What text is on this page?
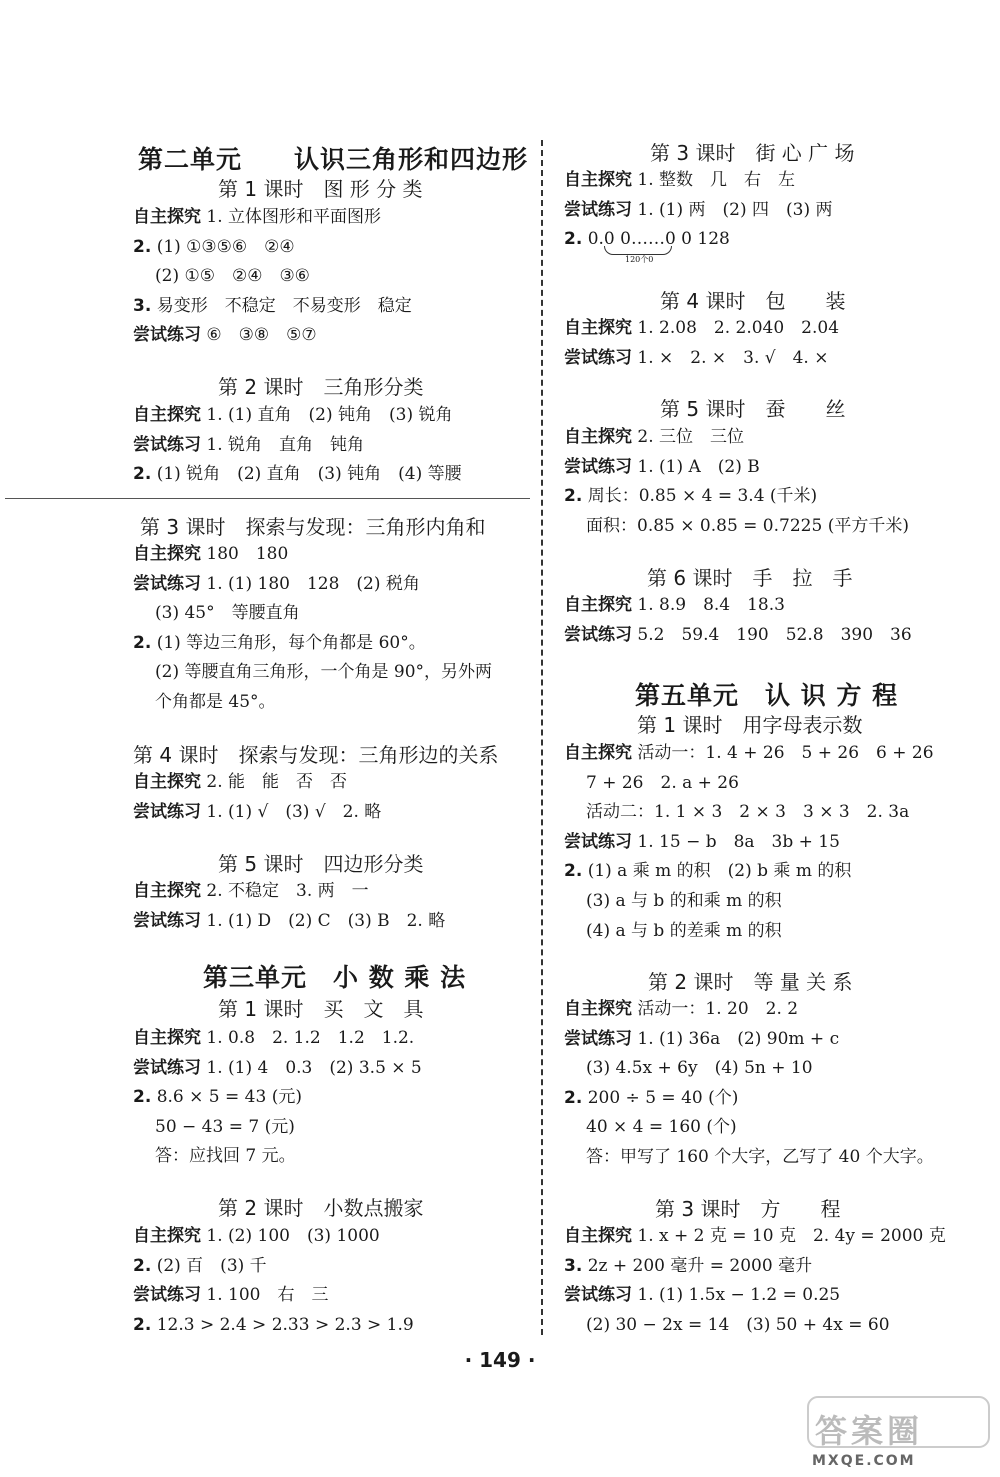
第二单元　　认识三角形和四边形
第 1 课时　图 形 分 类
第 2 课时　三角形分类
第 3 课时　探索与发现：三角形内角和
第 4 课时　探索与发现：三角形边的关系
第 5 课时　四边形分类
第三单元　小 数 乘 法
第 1 课时　买　文　具
第 2 课时　小数点搬家
第 3 课时　街 心 广 场
120个0
第 4 课时　包　　装
第 5 课时　蚕　　丝
第 6 课时　手　拉　手
第五单元　认 识 方 程
第 1 课时　用字母表示数
第 2 课时　等 量 关 系
第 3 课时　方　　程
· 149 ·
答案圈
MXQE.COM
自主探究 1. 立体图形和平面图形
2. (1) ①③⑤⑥　②④
(2) ①⑤　②④　③⑥
3. 易变形　不稳定　不易变形　稳定
尝试练习 ⑥　③⑧　⑤⑦
自主探究 1. (1) 直角　(2) 钝角　(3) 锐角
尝试练习 1. 锐角　直角　钝角
2. (1) 锐角　(2) 直角　(3) 钝角　(4) 等腰
自主探究 180　180
尝试练习 1. (1) 180　128　(2) 税角
(3) 45°　等腰直角
2. (1) 等边三角形，每个角都是 60°。
(2) 等腰直角三角形，一个角是 90°，另外两
个角都是 45°。
自主探究 2. 能　能　否　否
尝试练习 1. (1) √　(3) √　2. 略
自主探究 2. 不稳定　3. 两　一
尝试练习 1. (1) D　(2) C　(3) B　2. 略
自主探究 1. 0.8　2. 1.2　1.2　1.2.
尝试练习 1. (1) 4　0.3　(2) 3.5 × 5
2. 8.6 × 5 = 43 (元)
50 − 43 = 7 (元)
答：应找回 7 元。
自主探究 1. (2) 100　(3) 1000
2. (2) 百　(3) 千
尝试练习 1. 100　右　三
2. 12.3 > 2.4 > 2.33 > 2.3 > 1.9
自主探究 1. 整数　几　右　左
尝试练习 1. (1) 两　(2) 四　(3) 两
2. 0.0 0……0 0 128
自主探究 1. 2.08　2. 2.040　2.04
尝试练习 1. ×　2. ×　3. √　4. ×
自主探究 2. 三位　三位
尝试练习 1. (1) A　(2) B
2. 周长：0.85 × 4 = 3.4 (千米)
面积：0.85 × 0.85 = 0.7225 (平方千米)
自主探究 1. 8.9　8.4　18.3
尝试练习 5.2　59.4　190　52.8　390　36
自主探究 活动一：1. 4 + 26　5 + 26　6 + 26
7 + 26　2. a + 26
活动二：1. 1 × 3　2 × 3　3 × 3　2. 3a
尝试练习 1. 15 − b　8a　3b + 15
2. (1) a 乘 m 的积　(2) b 乘 m 的积
(3) a 与 b 的和乘 m 的积
(4) a 与 b 的差乘 m 的积
自主探究 活动一：1. 20　2. 2
尝试练习 1. (1) 36a　(2) 90m + c
(3) 4.5x + 6y　(4) 5n + 10
2. 200 ÷ 5 = 40 (个)
40 × 4 = 160 (个)
答：甲写了 160 个大字，乙写了 40 个大字。
自主探究 1. x + 2 克 = 10 克　2. 4y = 2000 克
3. 2z + 200 毫升 = 2000 毫升
尝试练习 1. (1) 1.5x − 1.2 = 0.25
(2) 30 − 2x = 14　(3) 50 + 4x = 60
